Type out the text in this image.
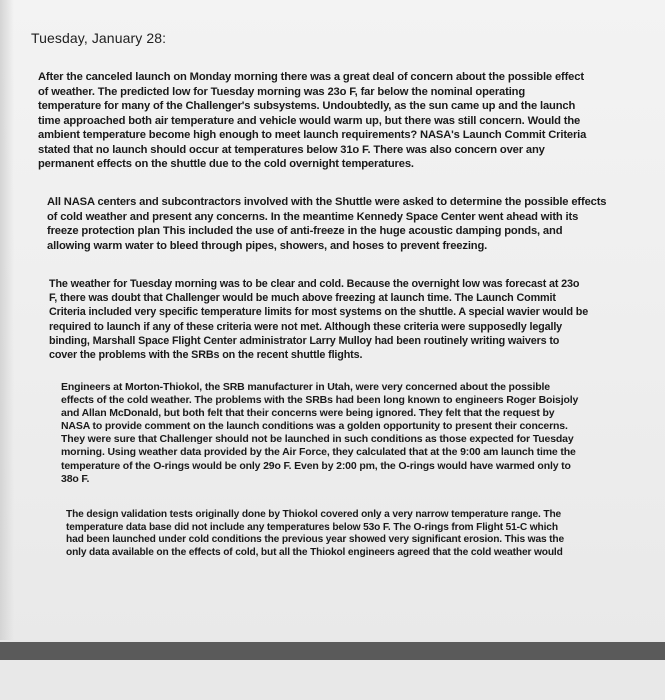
Tuesday, January 28:

After the canceled launch on Monday morning there was a great deal of concern about the possible effect
of weather. The predicted low for Tuesday morning was 23o F, far below the nominal operating
temperature for many of the Challenger's subsystems. Undoubtedly, as the sun came up and the launch
time approached both air temperature and vehicle would warm up, but there was still concern. Would the
ambient temperature become high enough to meet launch requirements? NASA's Launch Commit Criteria
stated that no launch should occur at temperatures below 31o F. There was also concern over any
permanent effects on the shuttle due to the cold overnight temperatures.

All NASA centers and subcontractors involved with the Shuttle were asked to determine the possible effects
of cold weather and present any concerns. In the meantime Kennedy Space Center went ahead with its
freeze protection plan This included the use of anti-freeze in the huge acoustic damping ponds, and
allowing warm water to bleed through pipes, showers, and hoses to prevent freezing.

The weather for Tuesday morning was to be clear and cold. Because the overnight low was forecast at 23o
F, there was doubt that Challenger would be much above freezing at launch time. The Launch Commit
Criteria included very specific temperature limits for most systems on the shuttle. A special wavier would be
required to launch if any of these criteria were not met. Although these criteria were supposedly legally
binding, Marshall Space Flight Center administrator Larry Mulloy had been routinely writing waivers to
cover the problems with the SRBs on the recent shuttle flights.

Engineers at Morton-Thiokol, the SRB manufacturer in Utah, were very concerned about the possible
effects of the cold weather. The problems with the SRBs had been long known to engineers Roger Boisjoly
and Allan McDonald, but both felt that their concerns were being ignored. They felt that the request by
NASA to provide comment on the launch conditions was a golden opportunity to present their concerns.
They were sure that Challenger should not be launched in such conditions as those expected for Tuesday
morning. Using weather data provided by the Air Force, they calculated that at the 9:00 am launch time the
temperature of the O-rings would be only 29o F. Even by 2:00 pm, the O-rings would have warmed only to
38o F.

The design validation tests originally done by Thiokol covered only a very narrow temperature range. The
temperature data base did not include any temperatures below 53o F. The O-rings from Flight 51-C which
had been launched under cold conditions the previous year showed very significant erosion. This was the
only data available on the effects of cold, but all the Thiokol engineers agreed that the cold weather would
